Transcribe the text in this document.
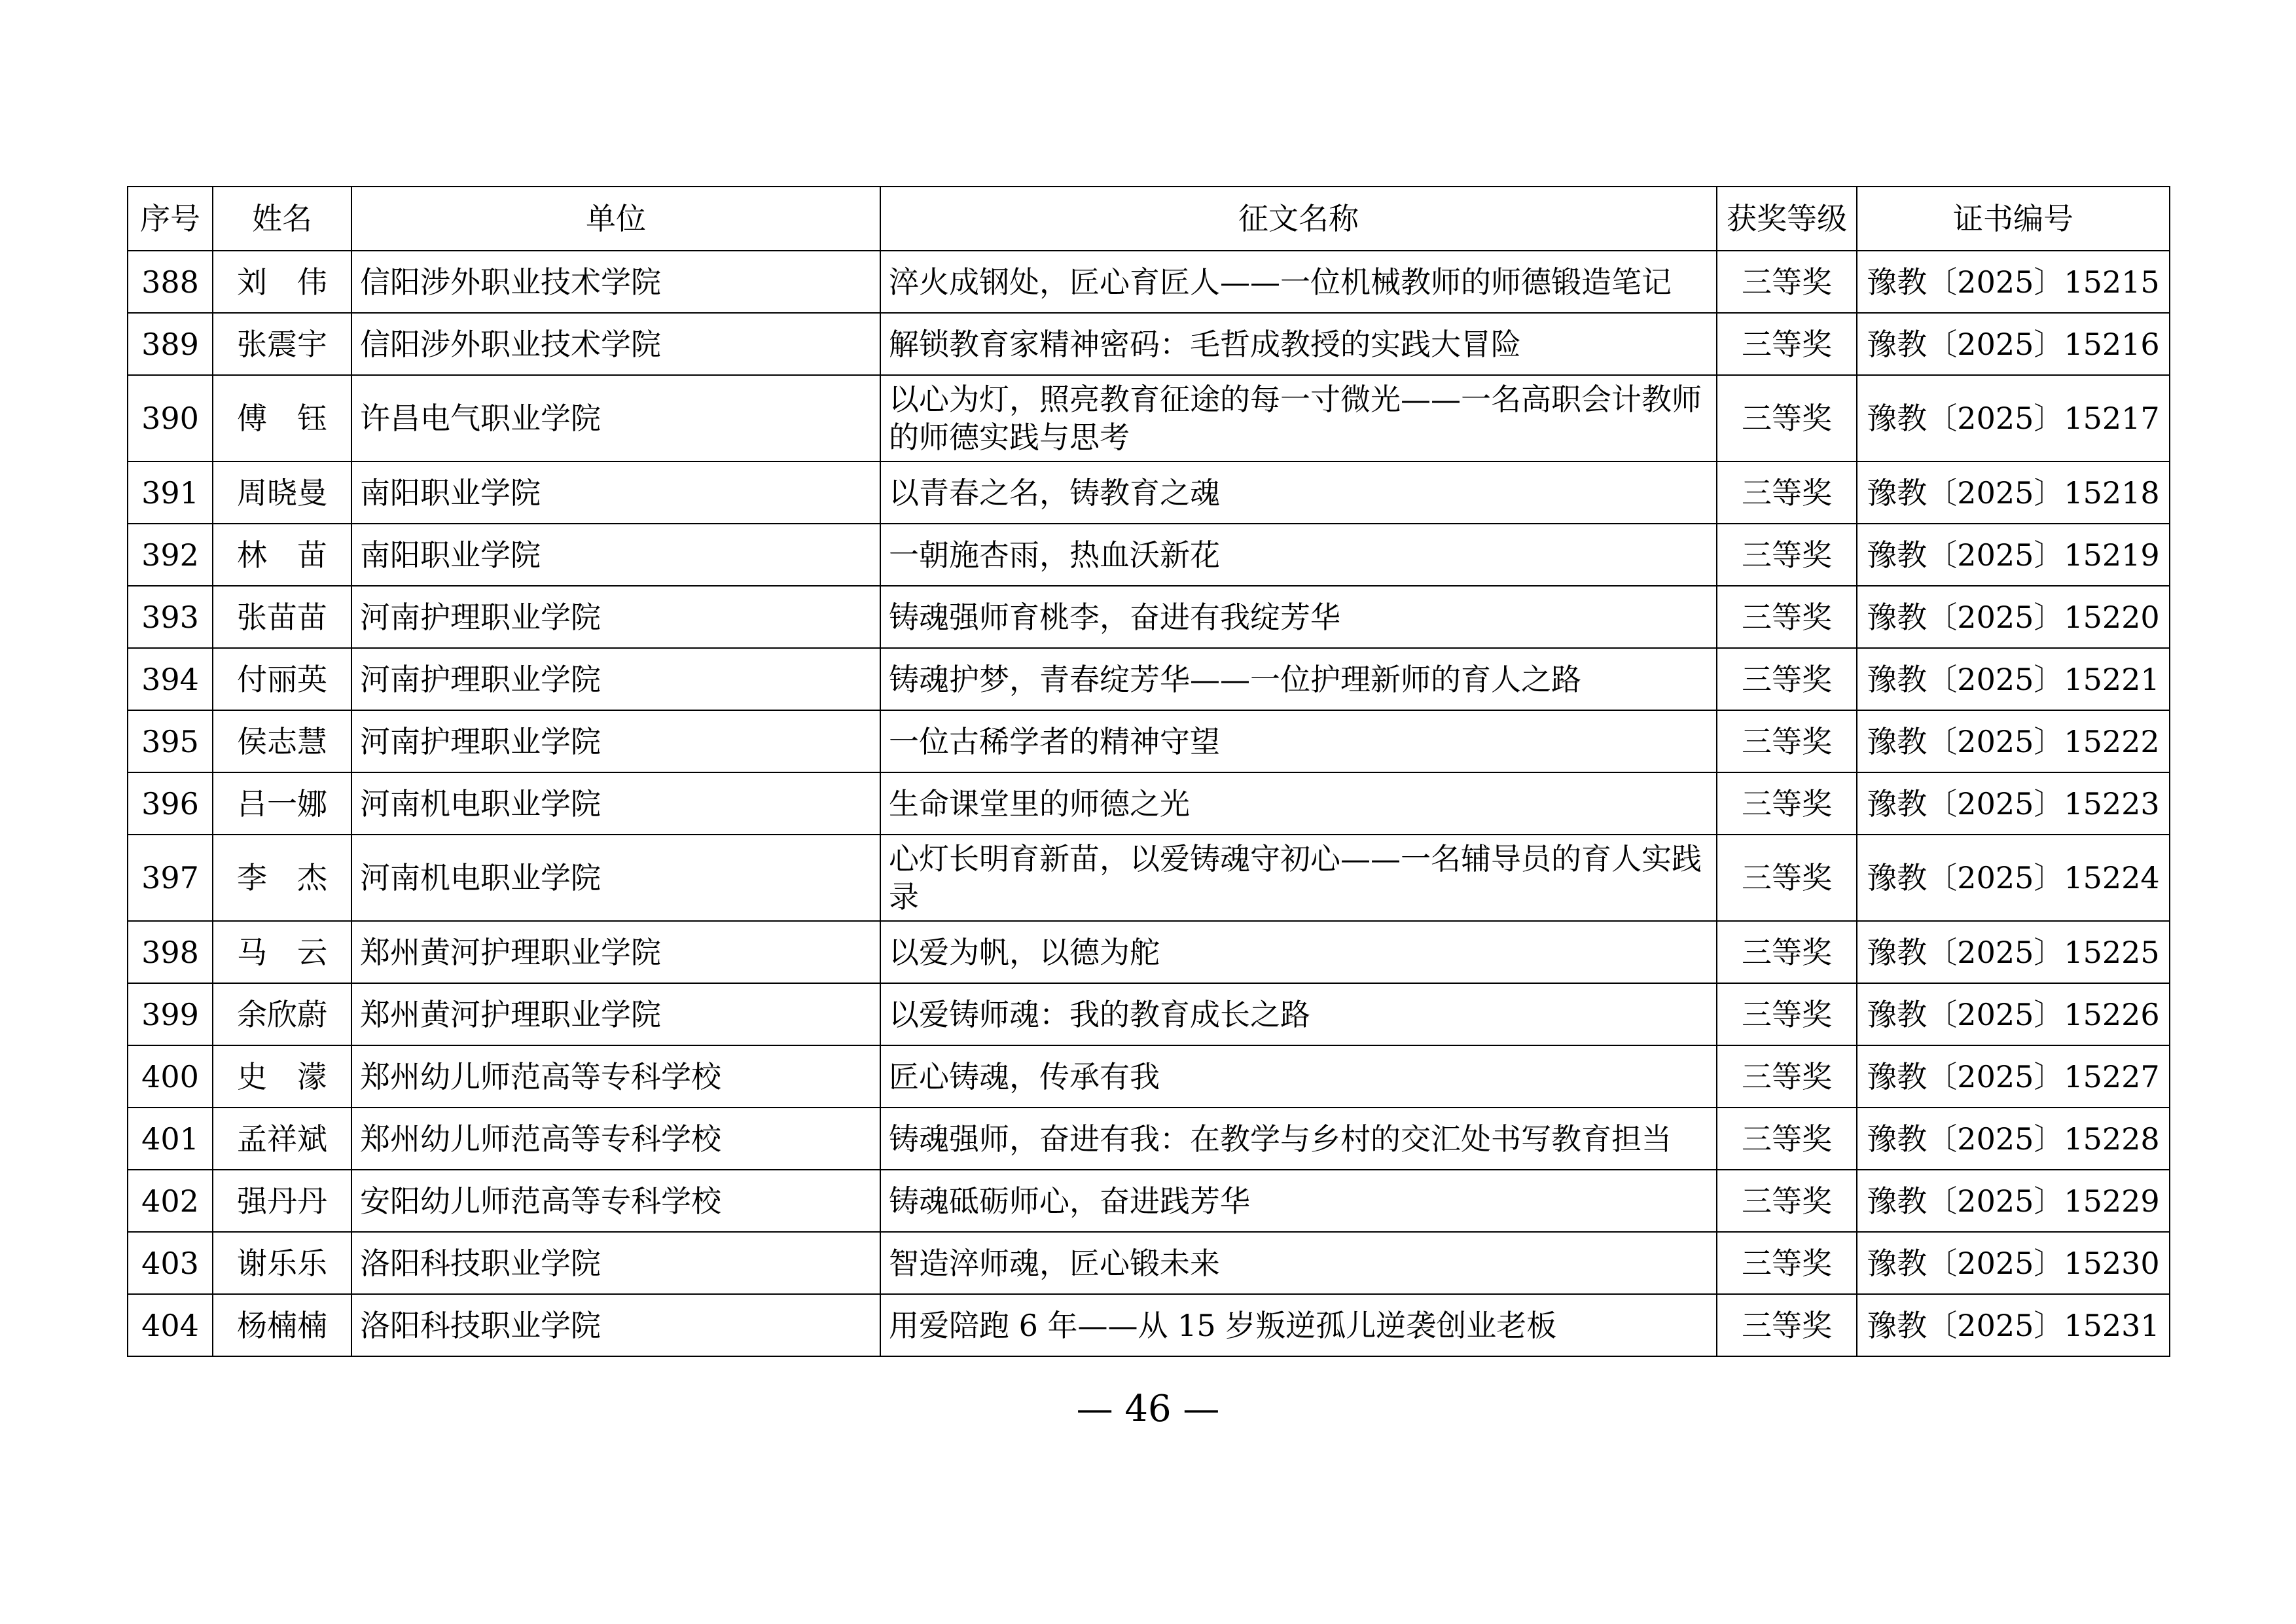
序号	姓名	单位	征文名称	获奖等级	证书编号
388	刘　伟	信阳涉外职业技术学院	淬火成钢处，匠心育匠人——一位机械教师的师德锻造笔记	三等奖	豫教〔2025〕15215
389	张震宇	信阳涉外职业技术学院	解锁教育家精神密码：毛哲成教授的实践大冒险	三等奖	豫教〔2025〕15216
390	傅　钰	许昌电气职业学院	以心为灯，照亮教育征途的每一寸微光——一名高职会计教师的师德实践与思考	三等奖	豫教〔2025〕15217
391	周晓曼	南阳职业学院	以青春之名，铸教育之魂	三等奖	豫教〔2025〕15218
392	林　苗	南阳职业学院	一朝施杏雨，热血沃新花	三等奖	豫教〔2025〕15219
393	张苗苗	河南护理职业学院	铸魂强师育桃李，奋进有我绽芳华	三等奖	豫教〔2025〕15220
394	付丽英	河南护理职业学院	铸魂护梦，青春绽芳华——一位护理新师的育人之路	三等奖	豫教〔2025〕15221
395	侯志慧	河南护理职业学院	一位古稀学者的精神守望	三等奖	豫教〔2025〕15222
396	吕一娜	河南机电职业学院	生命课堂里的师德之光	三等奖	豫教〔2025〕15223
397	李　杰	河南机电职业学院	心灯长明育新苗，以爱铸魂守初心——一名辅导员的育人实践录	三等奖	豫教〔2025〕15224
398	马　云	郑州黄河护理职业学院	以爱为帆，以德为舵	三等奖	豫教〔2025〕15225
399	余欣蔚	郑州黄河护理职业学院	以爱铸师魂：我的教育成长之路	三等奖	豫教〔2025〕15226
400	史　濛	郑州幼儿师范高等专科学校	匠心铸魂，传承有我	三等奖	豫教〔2025〕15227
401	孟祥斌	郑州幼儿师范高等专科学校	铸魂强师，奋进有我：在教学与乡村的交汇处书写教育担当	三等奖	豫教〔2025〕15228
402	强丹丹	安阳幼儿师范高等专科学校	铸魂砥砺师心，奋进践芳华	三等奖	豫教〔2025〕15229
403	谢乐乐	洛阳科技职业学院	智造淬师魂，匠心锻未来	三等奖	豫教〔2025〕15230
404	杨楠楠	洛阳科技职业学院	用爱陪跑 6 年——从 15 岁叛逆孤儿逆袭创业老板	三等奖	豫教〔2025〕15231
— 46 —
